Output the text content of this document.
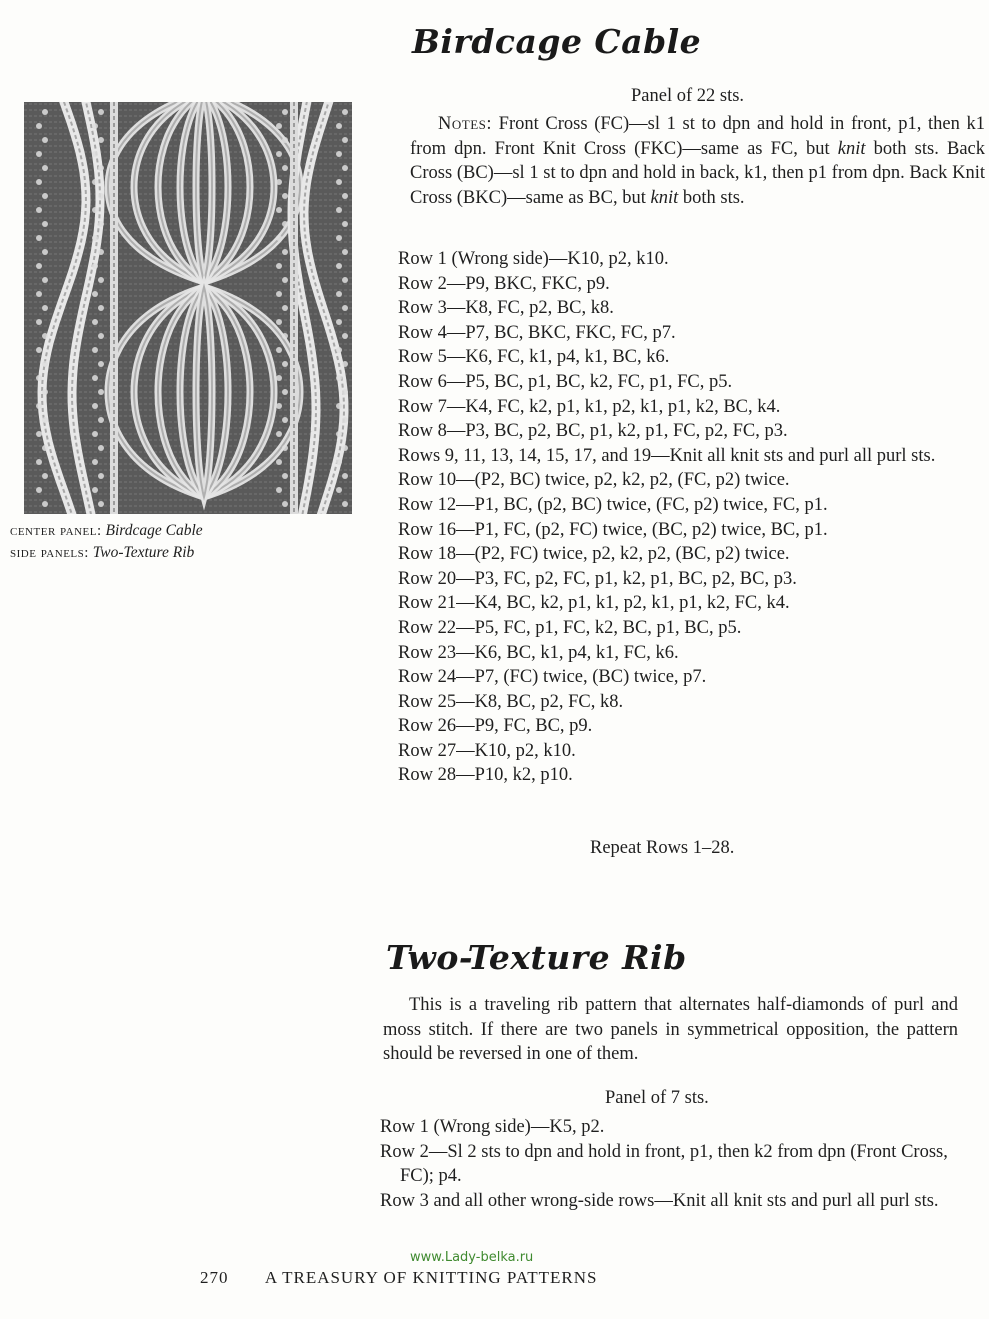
center panel: Birdcage Cable
side panels: Two-Texture Rib
Birdcage Cable
Panel of 22 sts.

Notes: Front Cross (FC)—sl 1 st to dpn and hold in front, p1, then k1 from dpn. Front Knit Cross (FKC)—same as FC, but knit both sts. Back Cross (BC)—sl 1 st to dpn and hold in back, k1, then p1 from dpn. Back Knit Cross (BKC)—same as BC, but knit both sts.

Row 1 (Wrong side)—K10, p2, k10.
Row 2—P9, BKC, FKC, p9.
Row 3—K8, FC, p2, BC, k8.
Row 4—P7, BC, BKC, FKC, FC, p7.
Row 5—K6, FC, k1, p4, k1, BC, k6.
Row 6—P5, BC, p1, BC, k2, FC, p1, FC, p5.
Row 7—K4, FC, k2, p1, k1, p2, k1, p1, k2, BC, k4.
Row 8—P3, BC, p2, BC, p1, k2, p1, FC, p2, FC, p3.
Rows 9, 11, 13, 14, 15, 17, and 19—Knit all knit sts and purl all purl sts.
Row 10—(P2, BC) twice, p2, k2, p2, (FC, p2) twice.
Row 12—P1, BC, (p2, BC) twice, (FC, p2) twice, FC, p1.
Row 16—P1, FC, (p2, FC) twice, (BC, p2) twice, BC, p1.
Row 18—(P2, FC) twice, p2, k2, p2, (BC, p2) twice.
Row 20—P3, FC, p2, FC, p1, k2, p1, BC, p2, BC, p3.
Row 21—K4, BC, k2, p1, k1, p2, k1, p1, k2, FC, k4.
Row 22—P5, FC, p1, FC, k2, BC, p1, BC, p5.
Row 23—K6, BC, k1, p4, k1, FC, k6.
Row 24—P7, (FC) twice, (BC) twice, p7.
Row 25—K8, BC, p2, FC, k8.
Row 26—P9, FC, BC, p9.
Row 27—K10, p2, k10.
Row 28—P10, k2, p10.
Repeat Rows 1–28.
Two-Texture Rib

This is a traveling rib pattern that alternates half-diamonds of purl and moss stitch. If there are two panels in symmetrical opposition, the pattern should be reversed in one of them.

Panel of 7 sts.
Row 1 (Wrong side)—K5, p2.
Row 2—Sl 2 sts to dpn and hold in front, p1, then k2 from dpn (Front Cross, FC); p4.
Row 3 and all other wrong-side rows—Knit all knit sts and purl all purl sts.
www.Lady-belka.ru
270 A TREASURY OF KNITTING PATTERNS
